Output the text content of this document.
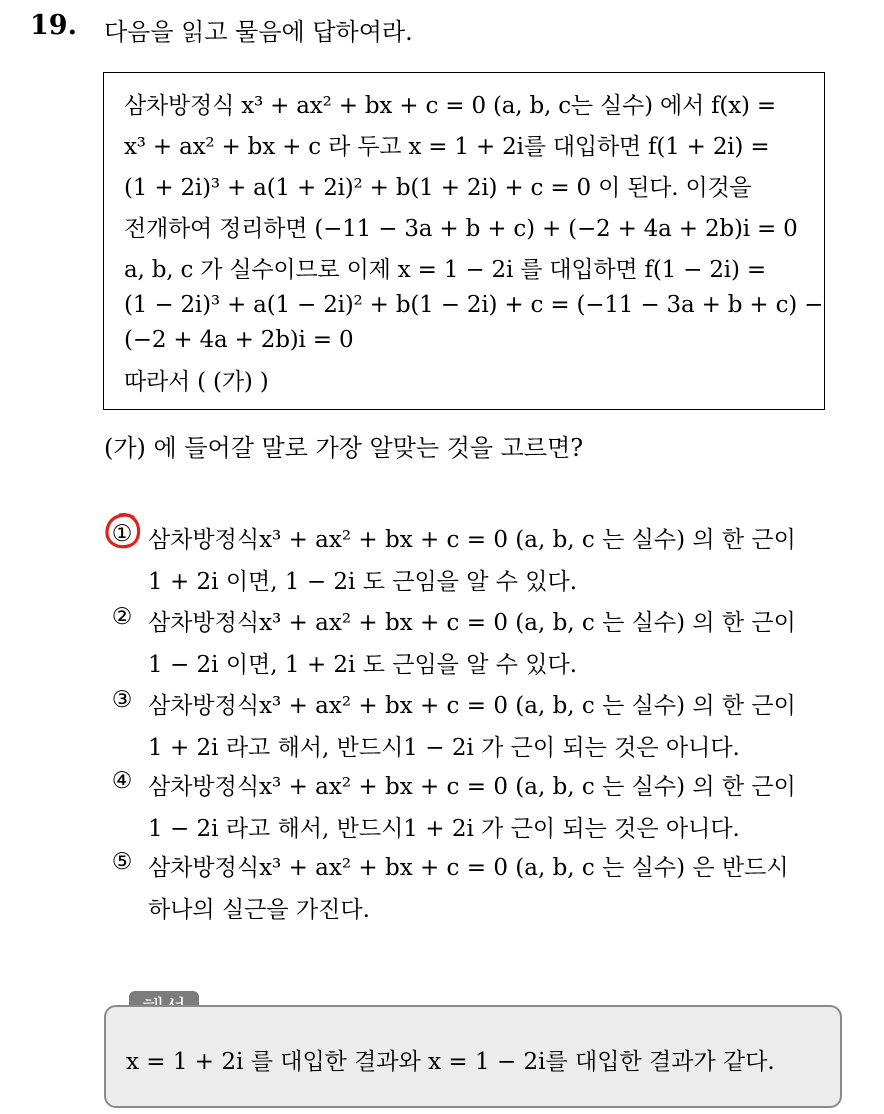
19. 다음을 읽고 물음에 답하여라.
삼차방정식 x³ + ax² + bx + c = 0 (a, b, c는 실수) 에서 f(x) =
x³ + ax² + bx + c 라 두고 x = 1 + 2i를 대입하면 f(1 + 2i) =
(1 + 2i)³ + a(1 + 2i)² + b(1 + 2i) + c = 0 이 된다. 이것을
전개하여 정리하면 (−11 − 3a + b + c) + (−2 + 4a + 2b)i = 0
a, b, c 가 실수이므로 이제 x = 1 − 2i 를 대입하면 f(1 − 2i) =
(1 − 2i)³ + a(1 − 2i)² + b(1 − 2i) + c = (−11 − 3a + b + c) −
(−2 + 4a + 2b)i = 0
따라서 ( (가) )
(가) 에 들어갈 말로 가장 알맞는 것을 고르면?
① 삼차방정식x³ + ax² + bx + c = 0 (a, b, c 는 실수) 의 한 근이
1 + 2i 이면, 1 − 2i 도 근임을 알 수 있다.
② 삼차방정식x³ + ax² + bx + c = 0 (a, b, c 는 실수) 의 한 근이
1 − 2i 이면, 1 + 2i 도 근임을 알 수 있다.
③ 삼차방정식x³ + ax² + bx + c = 0 (a, b, c 는 실수) 의 한 근이
1 + 2i 라고 해서, 반드시1 − 2i 가 근이 되는 것은 아니다.
④ 삼차방정식x³ + ax² + bx + c = 0 (a, b, c 는 실수) 의 한 근이
1 − 2i 라고 해서, 반드시1 + 2i 가 근이 되는 것은 아니다.
⑤ 삼차방정식x³ + ax² + bx + c = 0 (a, b, c 는 실수) 은 반드시
하나의 실근을 가진다.
x = 1 + 2i 를 대입한 결과와 x = 1 − 2i를 대입한 결과가 같다.
